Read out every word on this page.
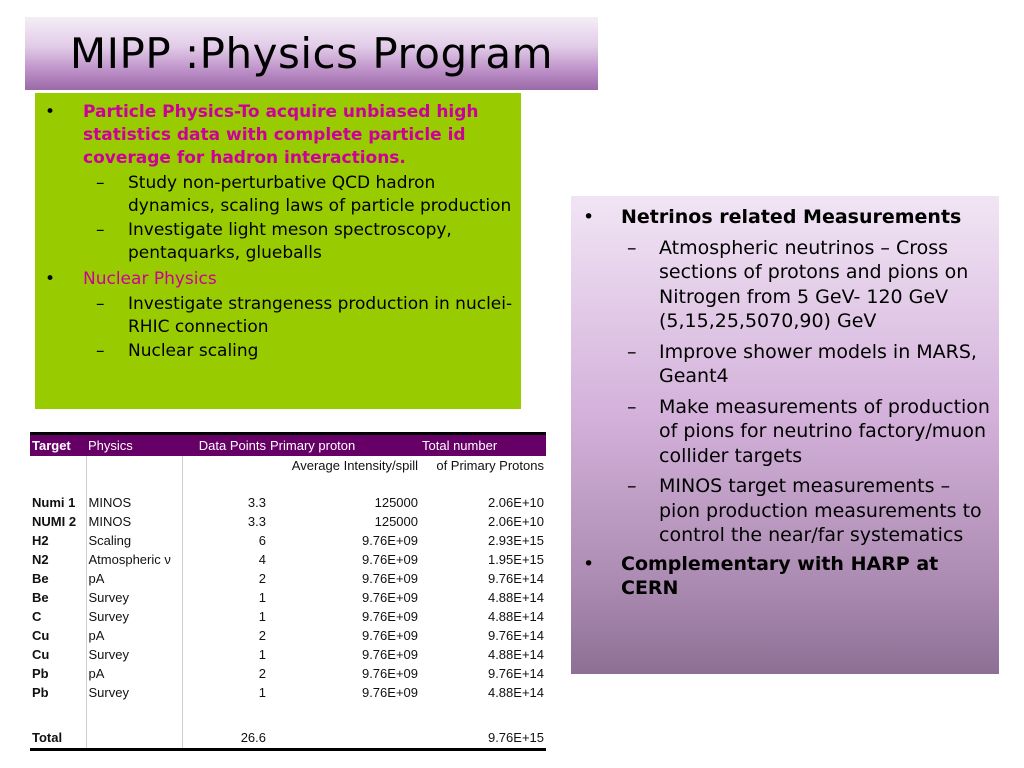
MIPP :Physics Program
• Particle Physics-To acquire unbiased high statistics data with complete particle id coverage for hadron interactions.
– Study non-perturbative QCD hadron dynamics, scaling laws of particle production
– Investigate light meson spectroscopy, pentaquarks, glueballs
• Nuclear Physics
– Investigate strangeness production in nuclei- RHIC connection
– Nuclear scaling
• Netrinos related Measurements
– Atmospheric neutrinos – Cross sections of protons and pions on Nitrogen from 5 GeV- 120 GeV (5,15,25,5070,90) GeV
– Improve shower models in MARS, Geant4
– Make measurements of production of pions for neutrino factory/muon collider targets
– MINOS target measurements – pion production measurements to control the near/far systematics
• Complementary with HARP at CERN
Target	Physics	Data Points	Primary proton	Total number
			Average Intensity/spill	of Primary Protons

Numi 1	MINOS	3.3	125000	2.06E+10
NUMI 2	MINOS	3.3	125000	2.06E+10
H2	Scaling	6	9.76E+09	2.93E+15
N2	Atmospheric ν	4	9.76E+09	1.95E+15
Be	pA	2	9.76E+09	9.76E+14
Be	Survey	1	9.76E+09	4.88E+14
C	Survey	1	9.76E+09	4.88E+14
Cu	pA	2	9.76E+09	9.76E+14
Cu	Survey	1	9.76E+09	4.88E+14
Pb	pA	2	9.76E+09	9.76E+14
Pb	Survey	1	9.76E+09	4.88E+14

Total		26.6		9.76E+15
